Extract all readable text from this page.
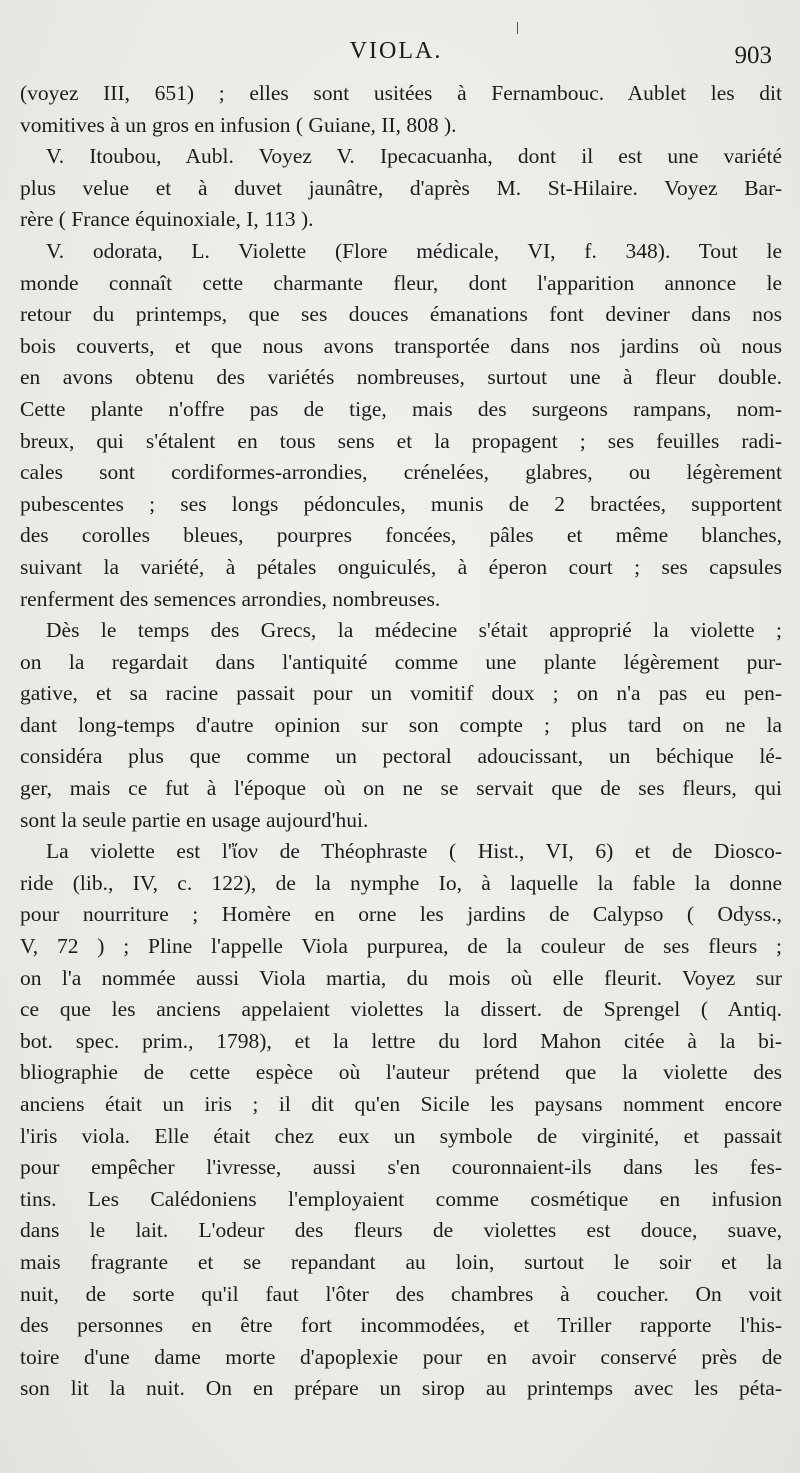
VIOLA.	903
(voyez III, 651) ; elles sont usitées à Fernambouc. Aublet les dit
vomitives à un gros en infusion ( Guiane, II, 808 ).
V. Itoubou, Aubl. Voyez V. Ipecacuanha, dont il est une variété
plus velue et à duvet jaunâtre, d'après M. St-Hilaire. Voyez Bar-
rère ( France équinoxiale, I, 113 ).
V. odorata, L. Violette (Flore médicale, VI, f. 348). Tout le
monde connaît cette charmante fleur, dont l'apparition annonce le
retour du printemps, que ses douces émanations font deviner dans nos
bois couverts, et que nous avons transportée dans nos jardins où nous
en avons obtenu des variétés nombreuses, surtout une à fleur double.
Cette plante n'offre pas de tige, mais des surgeons rampans, nom-
breux, qui s'étalent en tous sens et la propagent ; ses feuilles radi-
cales sont cordiformes-arrondies, crénelées, glabres, ou légèrement
pubescentes ; ses longs pédoncules, munis de 2 bractées, supportent
des corolles bleues, pourpres foncées, pâles et même blanches,
suivant la variété, à pétales onguiculés, à éperon court ; ses capsules
renferment des semences arrondies, nombreuses.
Dès le temps des Grecs, la médecine s'était approprié la violette ;
on la regardait dans l'antiquité comme une plante légèrement pur-
gative, et sa racine passait pour un vomitif doux ; on n'a pas eu pen-
dant long-temps d'autre opinion sur son compte ; plus tard on ne la
considéra plus que comme un pectoral adoucissant, un béchique lé-
ger, mais ce fut à l'époque où on ne se servait que de ses fleurs, qui
sont la seule partie en usage aujourd'hui.
La violette est l'ἴον de Théophraste ( Hist., VI, 6) et de Diosco-
ride (lib., IV, c. 122), de la nymphe Io, à laquelle la fable la donne
pour nourriture ; Homère en orne les jardins de Calypso ( Odyss.,
V, 72 ) ; Pline l'appelle Viola purpurea, de la couleur de ses fleurs ;
on l'a nommée aussi Viola martia, du mois où elle fleurit. Voyez sur
ce que les anciens appelaient violettes la dissert. de Sprengel ( Antiq.
bot. spec. prim., 1798), et la lettre du lord Mahon citée à la bi-
bliographie de cette espèce où l'auteur prétend que la violette des
anciens était un iris ; il dit qu'en Sicile les paysans nomment encore
l'iris viola. Elle était chez eux un symbole de virginité, et passait
pour empêcher l'ivresse, aussi s'en couronnaient-ils dans les fes-
tins. Les Calédoniens l'employaient comme cosmétique en infusion
dans le lait. L'odeur des fleurs de violettes est douce, suave,
mais fragrante et se repandant au loin, surtout le soir et la
nuit, de sorte qu'il faut l'ôter des chambres à coucher. On voit
des personnes en être fort incommodées, et Triller rapporte l'his-
toire d'une dame morte d'apoplexie pour en avoir conservé près de
son lit la nuit. On en prépare un sirop au printemps avec les péta-
